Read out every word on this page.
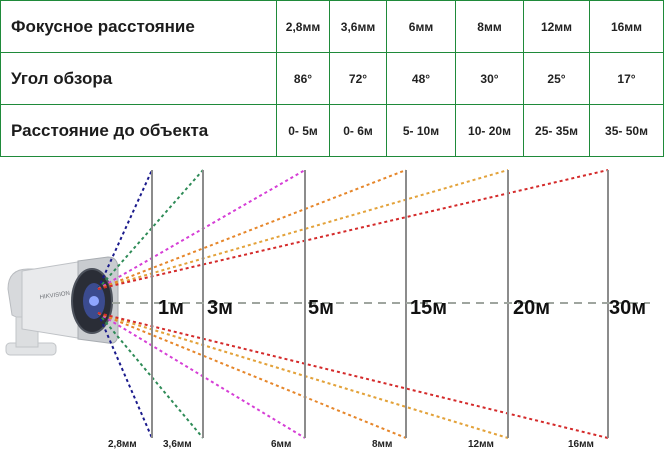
Фокусное расстояние	2,8мм	3,6мм	6мм	8мм	12мм	16мм
Угол обзора	86°	72°	48°	30°	25°	17°
Расстояние до объекта	0- 5м	0- 6м	5- 10м	10- 20м	25- 35м	35- 50м
HIKVISION
1м 3м	5м	15м	20м	30м
2,8мм	3,6мм	6мм	8мм	12мм	16мм
